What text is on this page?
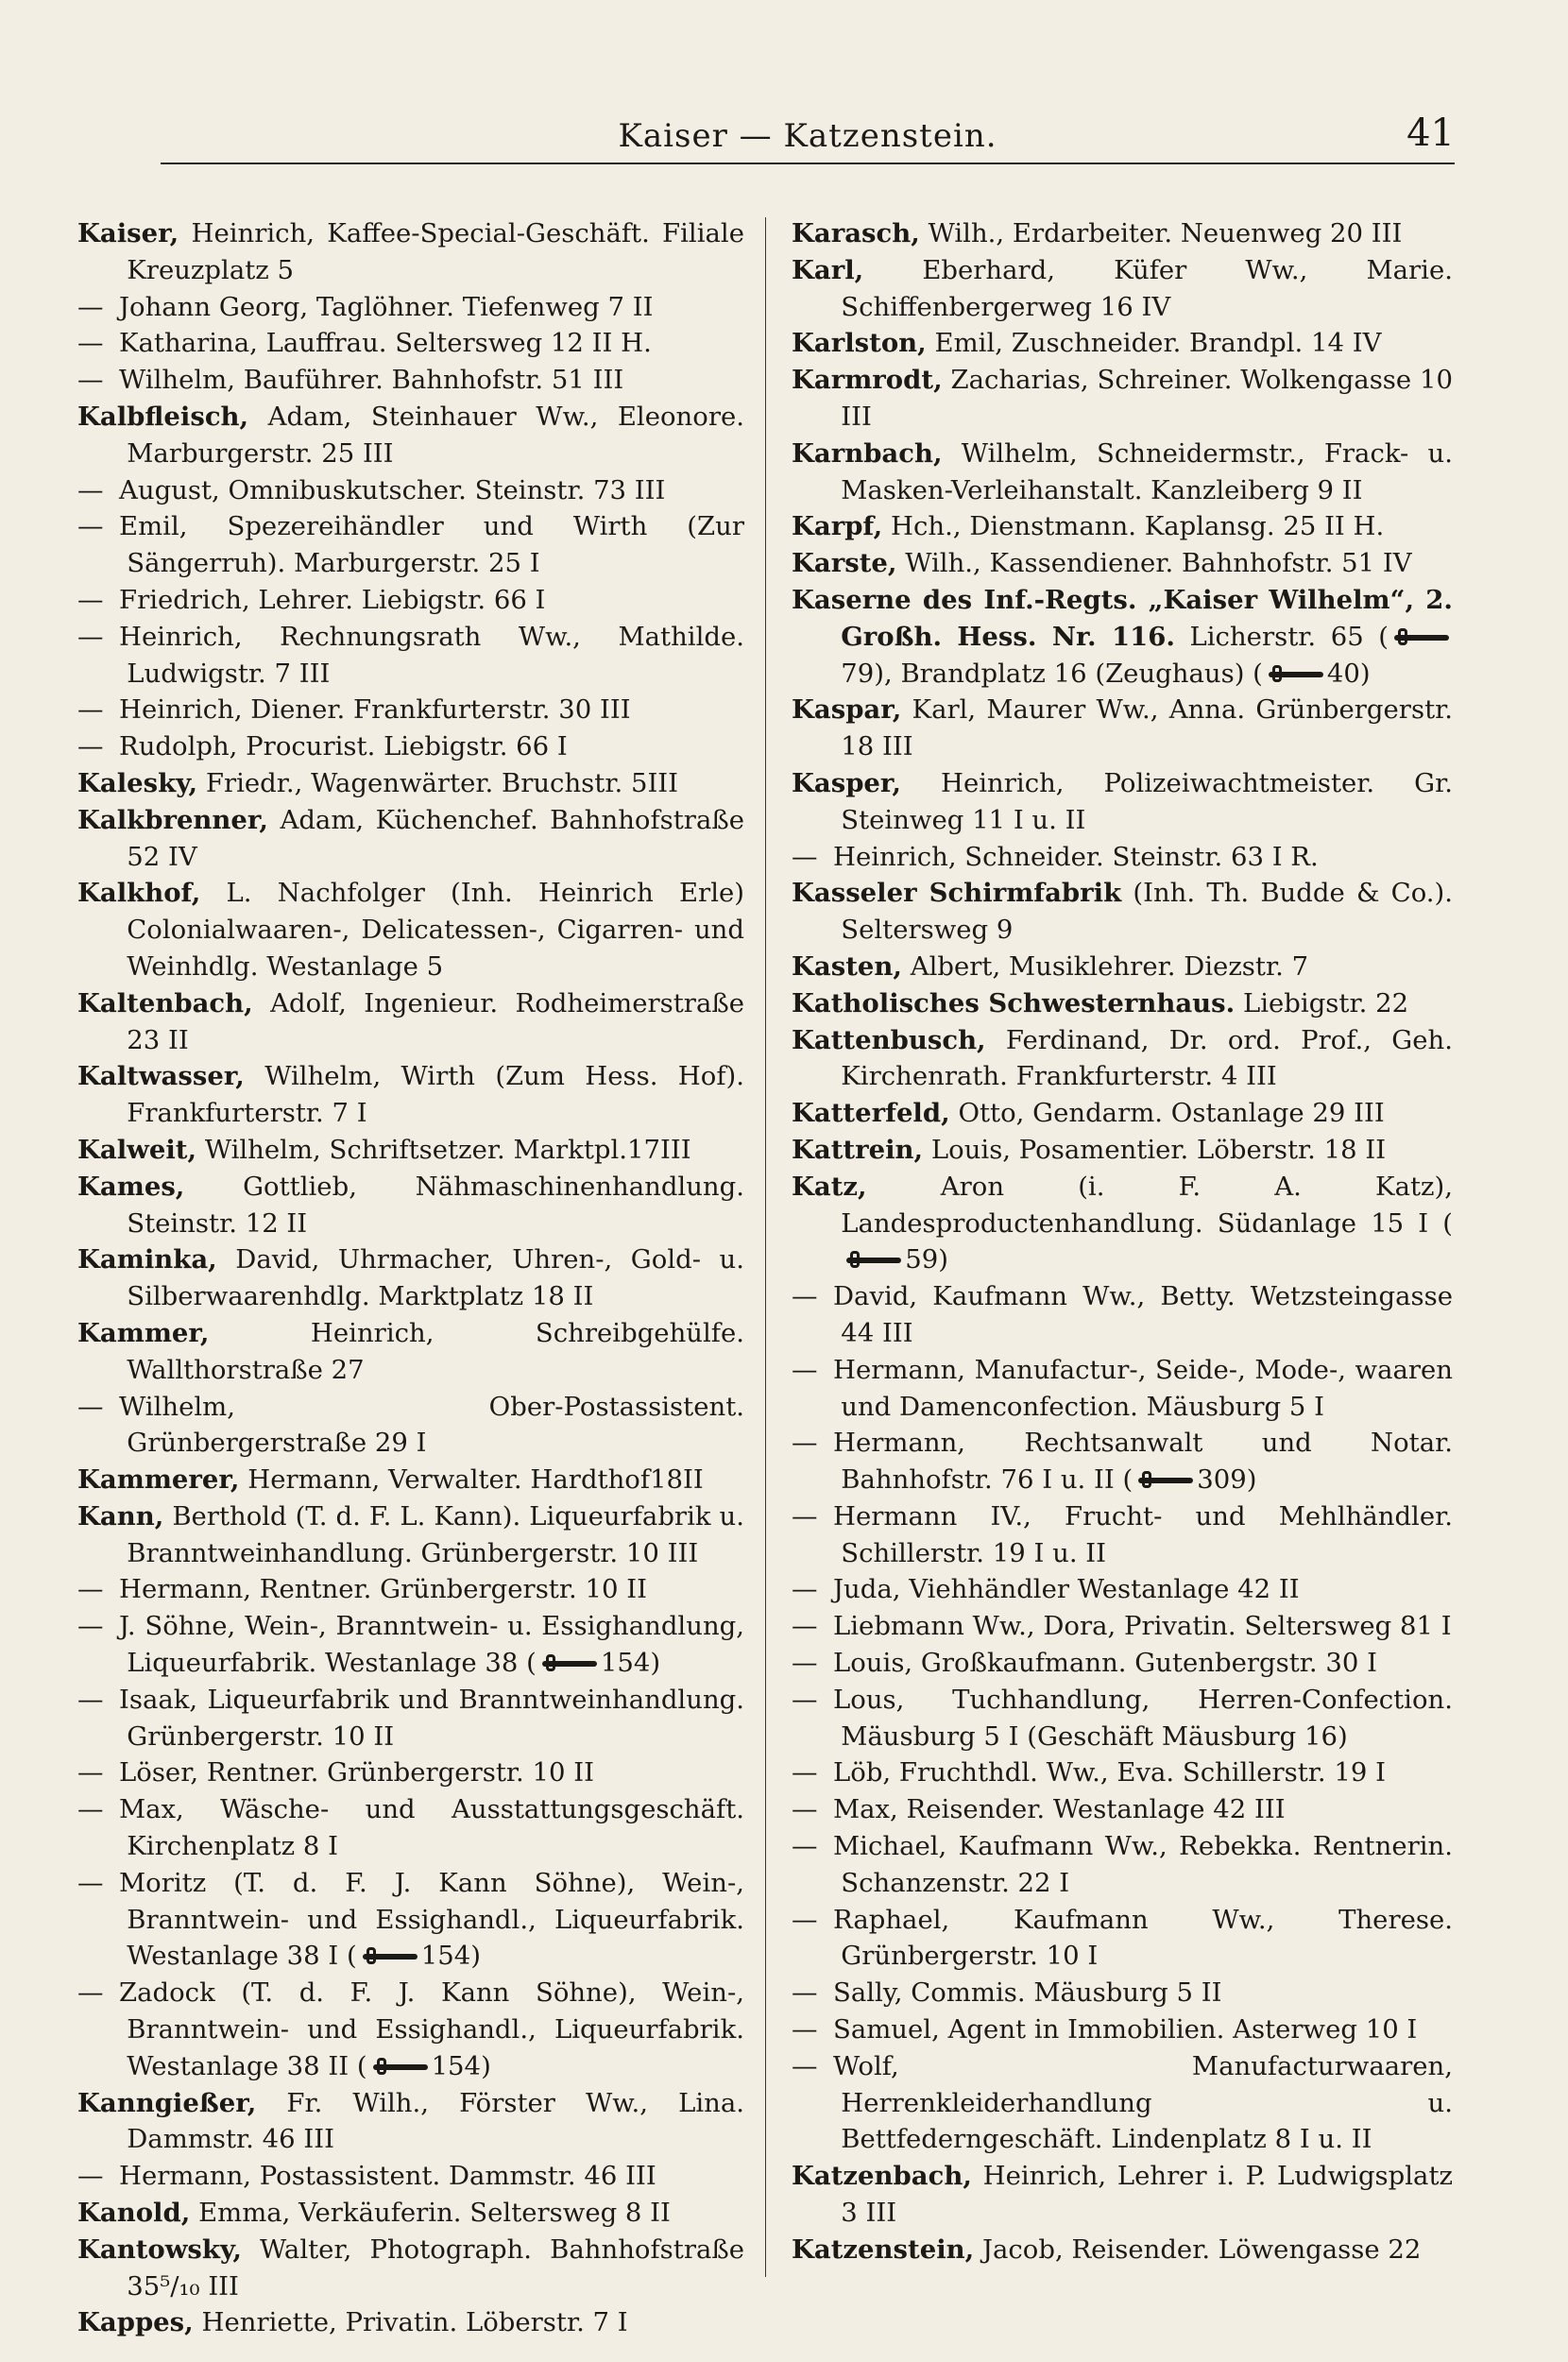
Kaiser — Katzenstein.	41
Kaiser, Heinrich, Kaffee-Special-Geschäft. Filiale Kreuzplatz 5
— Johann Georg, Taglöhner. Tiefenweg 7 II
— Katharina, Lauffrau. Seltersweg 12 II H.
— Wilhelm, Bauführer. Bahnhofstr. 51 III
Kalbfleisch, Adam, Steinhauer Ww., Eleonore. Marburgerstr. 25 III
— August, Omnibuskutscher. Steinstr. 73 III
— Emil, Spezereihändler und Wirth (Zur Sängerruh). Marburgerstr. 25 I
— Friedrich, Lehrer. Liebigstr. 66 I
— Heinrich, Rechnungsrath Ww., Mathilde. Ludwigstr. 7 III
— Heinrich, Diener. Frankfurterstr. 30 III
— Rudolph, Procurist. Liebigstr. 66 I
Kalesky, Friedr., Wagenwärter. Bruchstr. 5III
Kalkbrenner, Adam, Küchenchef. Bahnhofstraße 52 IV
Kalkhof, L. Nachfolger (Inh. Heinrich Erle) Colonialwaaren-, Delicatessen-, Cigarren- und Weinhdlg. Westanlage 5
Kaltenbach, Adolf, Ingenieur. Rodheimerstraße 23 II
Kaltwasser, Wilhelm, Wirth (Zum Hess. Hof). Frankfurterstr. 7 I
Kalweit, Wilhelm, Schriftsetzer. Marktpl.17III
Kames, Gottlieb, Nähmaschinenhandlung. Steinstr. 12 II
Kaminka, David, Uhrmacher, Uhren-, Gold- u. Silberwaarenhdlg. Marktplatz 18 II
Kammer,	Heinrich, Schreibgehülfe. Wallthorstraße 27
— Wilhelm, Ober-Postassistent. Grünbergerstraße 29 I
Kammerer, Hermann, Verwalter. Hardthof18II
Kann, Berthold (T. d. F. L. Kann). Liqueurfabrik u. Branntweinhandlung. Grünbergerstr. 10 III
— Hermann, Rentner. Grünbergerstr. 10 II
— J. Söhne, Wein-, Branntwein- u. Essighandlung, Liqueurfabrik. Westanlage 38 ( 154)
— Isaak, Liqueurfabrik und Branntweinhandlung. Grünbergerstr. 10 II
— Löser, Rentner. Grünbergerstr. 10 II
— Max, Wäsche- und Ausstattungsgeschäft. Kirchenplatz 8 I
— Moritz (T. d. F. J. Kann Söhne), Wein-, Branntwein- und Essighandl., Liqueurfabrik. Westanlage 38 I ( 154)
— Zadock (T. d. F. J. Kann Söhne), Wein-, Branntwein- und Essighandl., Liqueurfabrik. Westanlage 38 II ( 154)
Kanngießer, Fr. Wilh., Förster Ww., Lina. Dammstr. 46 III
— Hermann, Postassistent. Dammstr. 46 III
Kanold, Emma, Verkäuferin. Seltersweg 8 II
Kantowsky, Walter, Photograph. Bahnhofstraße 35⁵/₁₀ III
Kappes, Henriette, Privatin. Löberstr. 7 I
Karasch, Wilh., Erdarbeiter. Neuenweg 20 III
Karl, Eberhard, Küfer Ww., Marie. Schiffenbergerweg 16 IV
Karlston, Emil, Zuschneider. Brandpl. 14 IV
Karmrodt, Zacharias, Schreiner. Wolkengasse 10 III
Karnbach, Wilhelm, Schneidermstr., Frack- u. Masken-Verleihanstalt. Kanzleiberg 9 II
Karpf, Hch., Dienstmann. Kaplansg. 25 II H.
Karste, Wilh., Kassendiener. Bahnhofstr. 51 IV
Kaserne des Inf.-Regts. „Kaiser Wilhelm“, 2. Großh. Hess. Nr. 116. Licherstr. 65 (79), Brandplatz 16 (Zeughaus) ( 40)
Kaspar, Karl, Maurer Ww., Anna. Grünbergerstr. 18 III
Kasper, Heinrich, Polizeiwachtmeister. Gr. Steinweg 11 I u. II
— Heinrich, Schneider. Steinstr. 63 I R.
Kasseler Schirmfabrik (Inh. Th. Budde & Co.). Seltersweg 9
Kasten, Albert, Musiklehrer. Diezstr. 7
Katholisches Schwesternhaus. Liebigstr. 22
Kattenbusch, Ferdinand, Dr. ord. Prof., Geh. Kirchenrath. Frankfurterstr. 4 III
Katterfeld, Otto, Gendarm. Ostanlage 29 III
Kattrein, Louis, Posamentier. Löberstr. 18 II
Katz,	Aron (i. F. A. Katz), Landesproductenhandlung. Südanlage 15 I (59)
— David, Kaufmann Ww., Betty. Wetzsteingasse 44 III
— Hermann, Manufactur-, Seide-, Mode-, waaren und Damenconfection. Mäusburg 5 I
— Hermann, Rechtsanwalt und Notar. Bahnhofstr. 76 I u. II ( 309)
— Hermann IV., Frucht- und Mehlhändler. Schillerstr. 19 I u. II
— Juda, Viehhändler Westanlage 42 II
— Liebmann Ww., Dora, Privatin. Seltersweg 81 I
— Louis, Großkaufmann. Gutenbergstr. 30 I
— Lous, Tuchhandlung, Herren-Confection. Mäusburg 5 I (Geschäft Mäusburg 16)
— Löb, Fruchthdl. Ww., Eva. Schillerstr. 19 I
— Max, Reisender. Westanlage 42 III
— Michael, Kaufmann Ww., Rebekka. Rentnerin. Schanzenstr. 22 I
— Raphael, Kaufmann Ww., Therese. Grünbergerstr. 10 I
— Sally, Commis. Mäusburg 5 II
— Samuel, Agent in Immobilien. Asterweg 10 I
— Wolf, Manufacturwaaren, Herrenkleiderhandlung u. Bettfederngeschäft. Lindenplatz 8 I u. II
Katzenbach, Heinrich, Lehrer i. P. Ludwigsplatz 3 III
Katzenstein, Jacob, Reisender. Löwengasse 22
